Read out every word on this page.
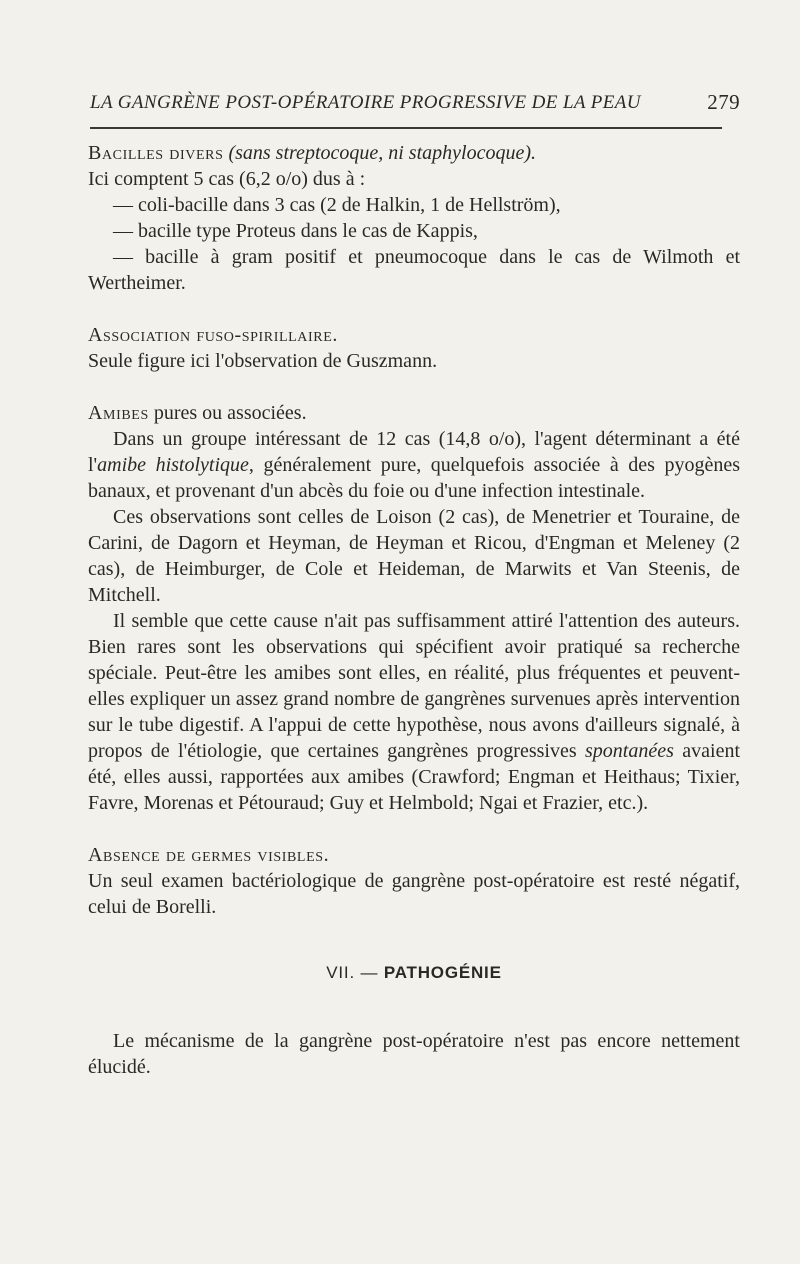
LA GANGRÈNE POST-OPÉRATOIRE PROGRESSIVE DE LA PEAU	279

Bacilles divers (sans streptocoque, ni staphylocoque).

Ici comptent 5 cas (6,2 o/o) dus à :

— coli-bacille dans 3 cas (2 de Halkin, 1 de Hellström),

— bacille type Proteus dans le cas de Kappis,

— bacille à gram positif et pneumocoque dans le cas de Wilmoth et Wertheimer.

Association fuso-spirillaire.

Seule figure ici l'observation de Guszmann.

Amibes pures ou associées.

Dans un groupe intéressant de 12 cas (14,8 o/o), l'agent déterminant a été l'amibe histolytique, généralement pure, quelquefois associée à des pyogènes banaux, et provenant d'un abcès du foie ou d'une infection intestinale.

Ces observations sont celles de Loison (2 cas), de Menetrier et Touraine, de Carini, de Dagorn et Heyman, de Heyman et Ricou, d'Engman et Meleney (2 cas), de Heimburger, de Cole et Heideman, de Marwits et Van Steenis, de Mitchell.

Il semble que cette cause n'ait pas suffisamment attiré l'attention des auteurs. Bien rares sont les observations qui spécifient avoir pratiqué sa recherche spéciale. Peut-être les amibes sont elles, en réalité, plus fréquentes et peuvent-elles expliquer un assez grand nombre de gangrènes survenues après intervention sur le tube digestif. A l'appui de cette hypothèse, nous avons d'ailleurs signalé, à propos de l'étiologie, que certaines gangrènes progressives spontanées avaient été, elles aussi, rapportées aux amibes (Crawford; Engman et Heithaus; Tixier, Favre, Morenas et Pétouraud; Guy et Helmbold; Ngai et Frazier, etc.).

Absence de germes visibles.

Un seul examen bactériologique de gangrène post-opératoire est resté négatif, celui de Borelli.

VII. — PATHOGÉNIE

Le mécanisme de la gangrène post-opératoire n'est pas encore nettement élucidé.
